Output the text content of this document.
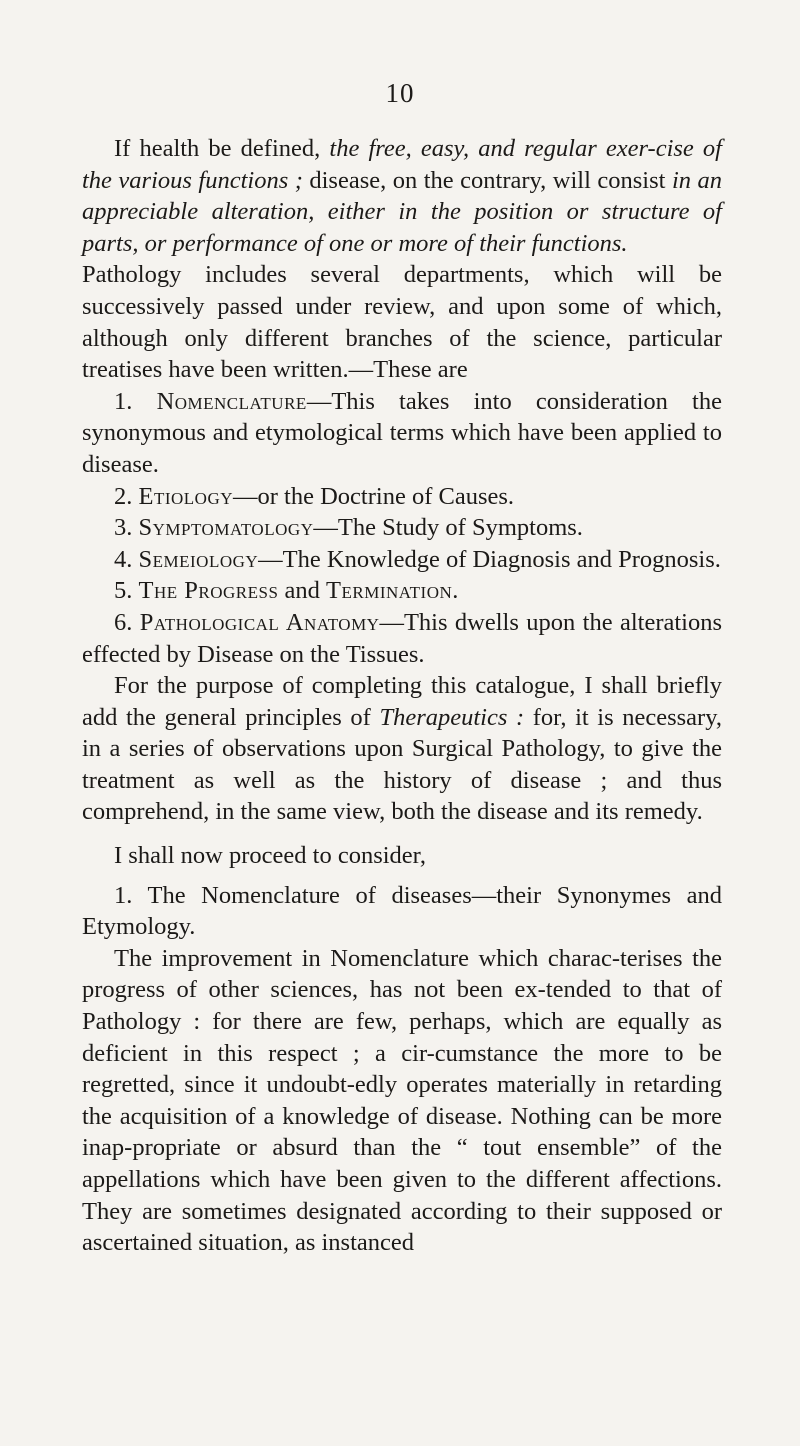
10

If health be defined, the free, easy, and regular exer-cise of the various functions ; disease, on the contrary, will consist in an appreciable alteration, either in the position or structure of parts, or performance of one or more of their functions.

Pathology includes several departments, which will be successively passed under review, and upon some of which, although only different branches of the science, particular treatises have been written.—These are

1. Nomenclature—This takes into consideration the synonymous and etymological terms which have been applied to disease.

2. Etiology—or the Doctrine of Causes.

3. Symptomatology—The Study of Symptoms.

4. Semeiology—The Knowledge of Diagnosis and Prognosis.

5. The Progress and Termination.

6. Pathological Anatomy—This dwells upon the alterations effected by Disease on the Tissues.

For the purpose of completing this catalogue, I shall briefly add the general principles of Therapeutics : for, it is necessary, in a series of observations upon Surgical Pathology, to give the treatment as well as the history of disease ; and thus comprehend, in the same view, both the disease and its remedy.

I shall now proceed to consider,

1. The Nomenclature of diseases—their Synonymes and Etymology.

The improvement in Nomenclature which charac-terises the progress of other sciences, has not been ex-tended to that of Pathology : for there are few, perhaps, which are equally as deficient in this respect ; a cir-cumstance the more to be regretted, since it undoubt-edly operates materially in retarding the acquisition of a knowledge of disease. Nothing can be more inap-propriate or absurd than the “ tout ensemble” of the appellations which have been given to the different affections. They are sometimes designated according to their supposed or ascertained situation, as instanced
